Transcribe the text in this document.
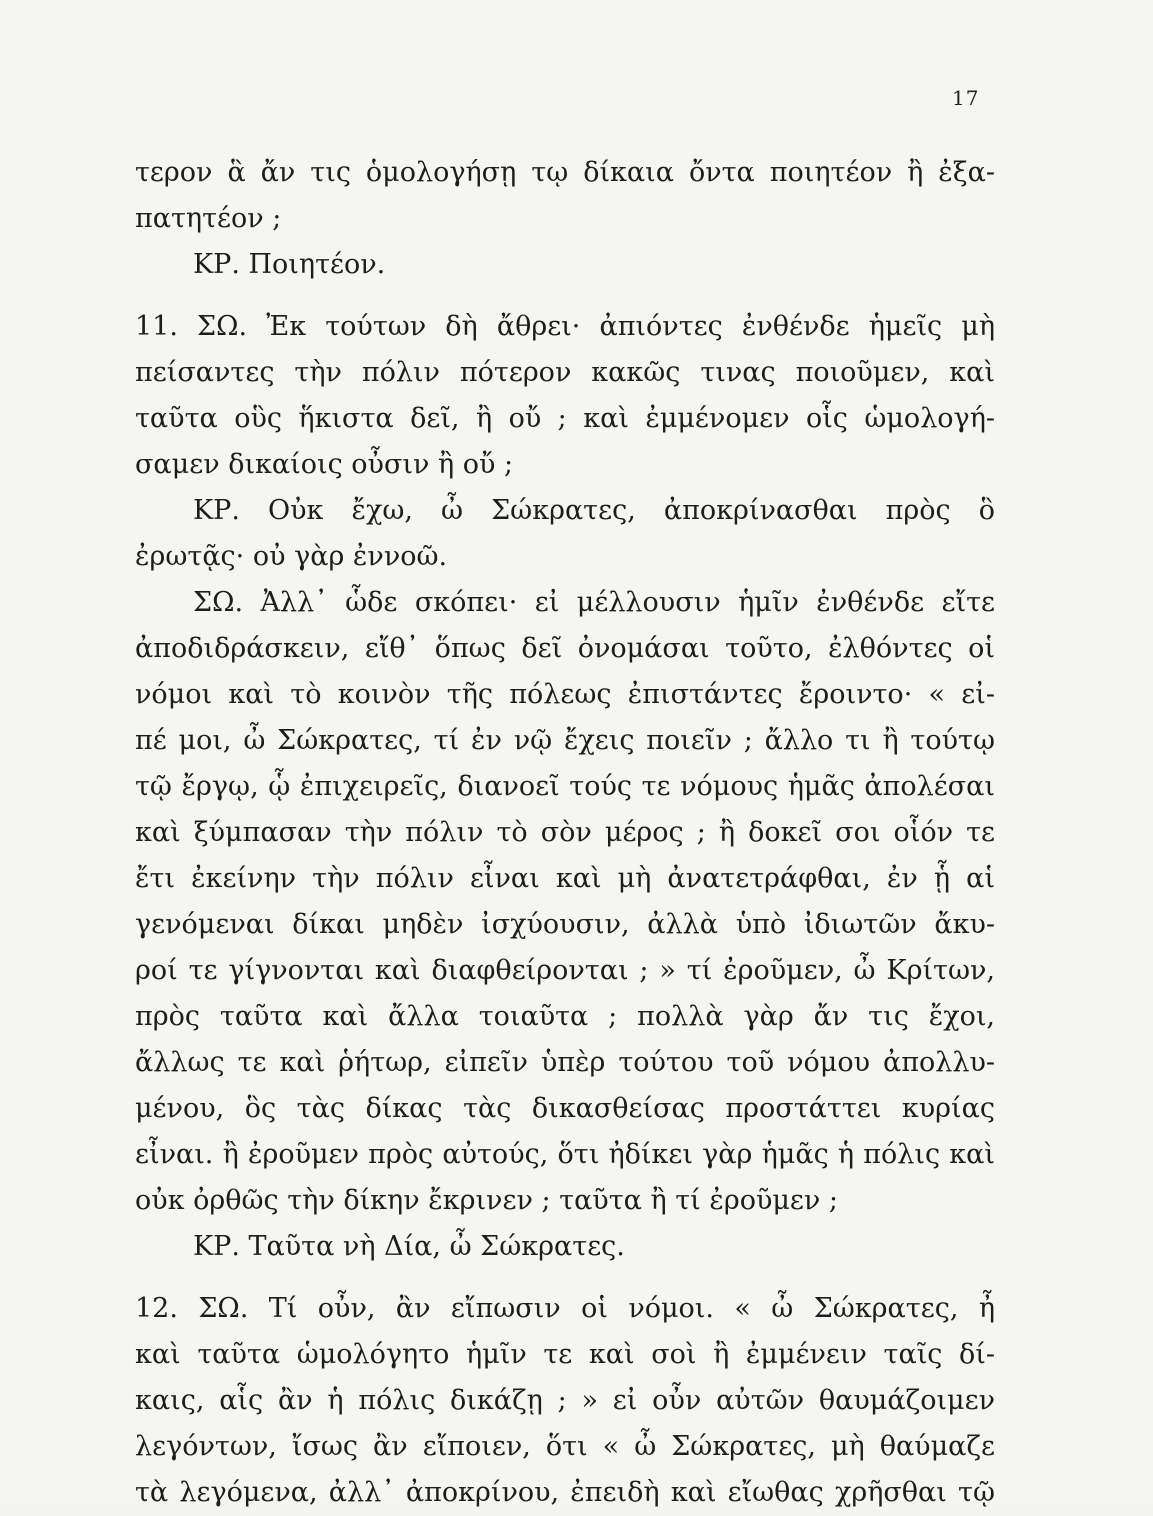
17
τερον ἃ ἄν τις ὁμολογήσῃ τῳ δίκαια ὄντα ποιητέον ἢ ἐξα-
πατητέον ;
ΚΡ. Ποιητέον.
11. ΣΩ. Ἐκ τούτων δὴ ἄθρει· ἀπιόντες ἐνθένδε ἡμεῖς μὴ
πείσαντες τὴν πόλιν πότερον κακῶς τινας ποιοῦμεν, καὶ
ταῦτα οὓς ἥκιστα δεῖ, ἢ οὔ ; καὶ ἐμμένομεν οἷς ὡμολογή-
σαμεν δικαίοις οὖσιν ἢ οὔ ;
ΚΡ. Οὐκ ἔχω, ὦ Σώκρατες, ἀποκρίνασθαι πρὸς ὃ
ἐρωτᾷς· οὐ γὰρ ἐννοῶ.
ΣΩ. Ἀλλ᾽ ὧδε σκόπει· εἰ μέλλουσιν ἡμῖν ἐνθένδε εἴτε
ἀποδιδράσκειν, εἴθ᾽ ὅπως δεῖ ὀνομάσαι τοῦτο, ἐλθόντες οἱ
νόμοι καὶ τὸ κοινὸν τῆς πόλεως ἐπιστάντες ἔροιντο· « εἰ-
πέ μοι, ὦ Σώκρατες, τί ἐν νῷ ἔχεις ποιεῖν ; ἄλλο τι ἢ τούτῳ
τῷ ἔργῳ, ᾧ ἐπιχειρεῖς, διανοεῖ τούς τε νόμους ἡμᾶς ἀπολέσαι
καὶ ξύμπασαν τὴν πόλιν τὸ σὸν μέρος ; ἢ δοκεῖ σοι οἷόν τε
ἔτι ἐκείνην τὴν πόλιν εἶναι καὶ μὴ ἀνατετράφθαι, ἐν ᾗ αἱ
γενόμεναι δίκαι μηδὲν ἰσχύουσιν, ἀλλὰ ὑπὸ ἰδιωτῶν ἄκυ-
ροί τε γίγνονται καὶ διαφθείρονται ; » τί ἐροῦμεν, ὦ Κρίτων,
πρὸς ταῦτα καὶ ἄλλα τοιαῦτα ; πολλὰ γὰρ ἄν τις ἔχοι,
ἄλλως τε καὶ ῥήτωρ, εἰπεῖν ὑπὲρ τούτου τοῦ νόμου ἀπολλυ-
μένου, ὃς τὰς δίκας τὰς δικασθείσας προστάττει κυρίας
εἶναι. ἢ ἐροῦμεν πρὸς αὐτούς, ὅτι ἠδίκει γὰρ ἡμᾶς ἡ πόλις καὶ
οὐκ ὀρθῶς τὴν δίκην ἔκρινεν ; ταῦτα ἢ τί ἐροῦμεν ;
ΚΡ. Ταῦτα νὴ Δία, ὦ Σώκρατες.
12. ΣΩ. Τί οὖν, ἂν εἴπωσιν οἱ νόμοι. « ὦ Σώκρατες, ἦ
καὶ ταῦτα ὡμολόγητο ἡμῖν τε καὶ σοὶ ἢ ἐμμένειν ταῖς δί-
καις, αἷς ἂν ἡ πόλις δικάζῃ ; » εἰ οὖν αὐτῶν θαυμάζοιμεν
λεγόντων, ἴσως ἂν εἴποιεν, ὅτι « ὦ Σώκρατες, μὴ θαύμαζε
τὰ λεγόμενα, ἀλλ᾽ ἀποκρίνου, ἐπειδὴ καὶ εἴωθας χρῆσθαι τῷ
